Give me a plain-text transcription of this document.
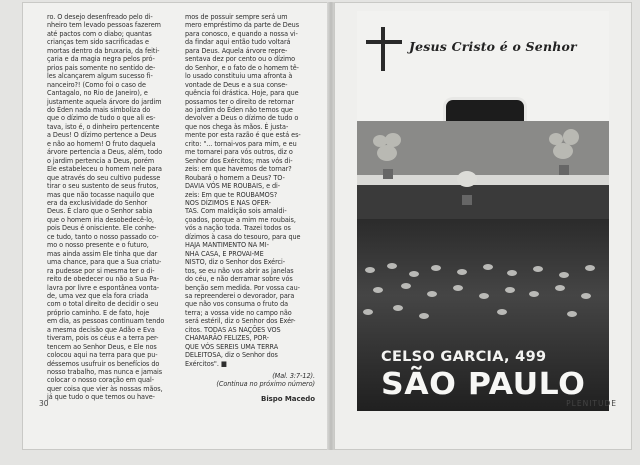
ro. O desejo desenfreado pelo di-
nheiro tem levado pessoas fazerem
até pactos com o diabo; quantas
crianças tem sido sacrificadas e
mortas dentro da bruxaria, da feiti-
çaria e da magia negra pelos pró-
prios pais somente no sentido de-
les alcançarem algum sucesso fi-
nanceiro?! (Como foi o caso de
Cantagalo, no Rio de Janeiro), e
justamente aquela árvore do jardim
do Éden nada mais simboliza do
que o dízimo de tudo o que ali es-
tava, isto é, o dinheiro pertencente
a Deus! O dízimo pertence a Deus
e não ao homem! O fruto daquela
árvore pertencia a Deus, além, todo
o jardim pertencia a Deus, porém
Ele estabeleceu o homem nele para
que através do seu cultivo pudesse
tirar o seu sustento de seus frutos,
mas que não tocasse naquilo que
era da exclusividade do Senhor
Deus. É claro que o Senhor sabia
que o homem iria desobedecê-lo,
pois Deus é onisciente. Ele conhe-
ce tudo, tanto o nosso passado co-
mo o nosso presente e o futuro,
mas ainda assim Ele tinha que dar
uma chance, para que a Sua criatu-
ra pudesse por si mesma ter o di-
reito de obedecer ou não a Sua Pa-
lavra por livre e espontânea vonta-
de, uma vez que ela fora criada
com o total direito de decidir o seu
próprio caminho. E de fato, hoje
em dia, as pessoas continuam tendo
a mesma decisão que Adão e Eva
tiveram, pois os céus e a terra per-
tencem ao Senhor Deus, e Ele nos
colocou aqui na terra para que pu-
déssemos usufruir os benefícios do
nosso trabalho, mas nunca e jamais
colocar o nosso coração em qual-
quer coisa que vier às nossas mãos,
já que tudo o que temos ou have-
mos de possuir sempre será um
mero empréstimo da parte de Deus
para conosco, e quando a nossa vi-
da findar aqui então tudo voltará
para Deus. Aquela árvore repre-
sentava dez por cento ou o dízimo
do Senhor, e o fato de o homem tê-
lo usado constituiu uma afronta à
vontade de Deus e a sua conse-
quência foi drástica. Hoje, para que
possamos ter o direito de retornar
ao jardim do Éden não temos que
devolver a Deus o dízimo de tudo o
que nos chega às mãos. É justa-
mente por esta razão é que está es-
crito: "... tornai-vos para mim, e eu
me tornarei para vós outros, diz o
Senhor dos Exércitos; mas vós di-
zeis: em que havemos de tornar?
Roubará o homem a Deus? TO-
DAVIA VÓS ME ROUBAIS, e di-
zeis: Em que te ROUBAMOS?
NOS DÍZIMOS E NAS OFER-
TAS. Com maldição sois amaldi-
çoados, porque a mim me roubais,
vós a nação toda. Trazei todos os
dízimos à casa do tesouro, para que
HAJA MANTIMENTO NA MI-
NHA CASA, E PROVAI-ME
NISTO, diz o Senhor dos Exérci-
tos, se eu não vos abrir as janelas
do céu, e não derramar sobre vós
benção sem medida. Por vossa cau-
sa repreenderei o devorador, para
que não vos consuma o fruto da
terra; a vossa vide no campo não
será estéril, diz o Senhor dos Exér-
citos. TODAS AS NAÇÕES VOS
CHAMARÃO FELIZES, POR-
QUE VÓS SEREIS UMA TERRA
DELEITOSA, diz o Senhor dos
Exércitos". ■
(Mal. 3:7-12).
(Continua no próximo número)
Bispo Macedo
30
Jesus Cristo é o Senhor
CELSO GARCIA, 499
SÃO PAULO
PLENITUDE
